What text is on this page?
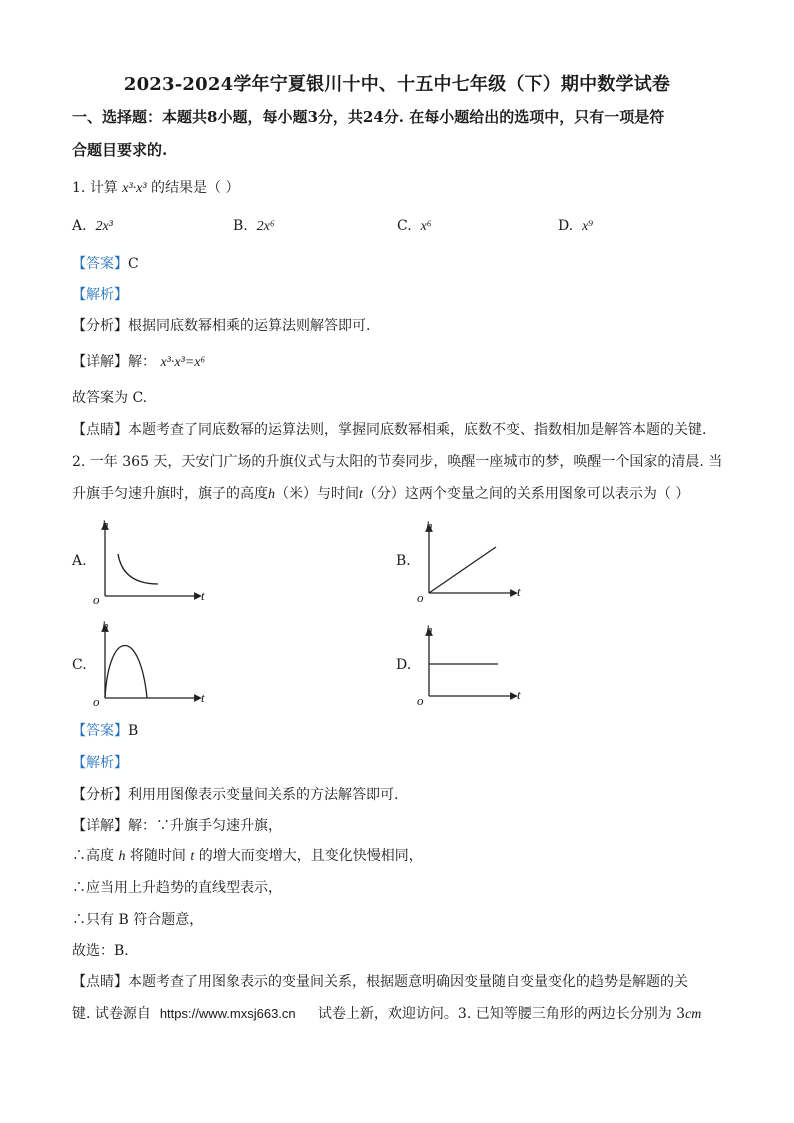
2023-2024学年宁夏银川十中、十五中七年级（下）期中数学试卷
一、选择题：本题共8小题，每小题3分，共24分. 在每小题给出的选项中，只有一项是符
合题目要求的.
1. 计算 x³·x³ 的结果是（ ）
A. 2x³	B. 2x⁶	C. x⁶	D. x⁹
【答案】C
【解析】
【分析】根据同底数幂相乘的运算法则解答即可.
【详解】解： x³·x³=x⁶
故答案为 C.
【点睛】本题考查了同底数幂的运算法则，掌握同底数幂相乘，底数不变、指数相加是解答本题的关键.
2. 一年 365 天，天安门广场的升旗仪式与太阳的节奏同步，唤醒一座城市的梦，唤醒一个国家的清晨. 当
升旗手匀速升旗时，旗子的高度h（米）与时间t（分）这两个变量之间的关系用图象可以表示为（ ）
A.
h
t
o
B.
h
t
o
C.
h
t
o
D.
h
t
o
【答案】B
【解析】
【分析】利用用图像表示变量间关系的方法解答即可.
【详解】解：∵升旗手匀速升旗，
∴高度 h 将随时间 t 的增大而变增大，且变化快慢相同，
∴应当用上升趋势的直线型表示，
∴只有 B 符合题意，
故选：B.
【点睛】本题考查了用图象表示的变量间关系，根据题意明确因变量随自变量变化的趋势是解题的关
键. 试卷源自 https://www.mxsj663.cn 试卷上新，欢迎访问。3. 已知等腰三角形的两边长分别为 3cm
